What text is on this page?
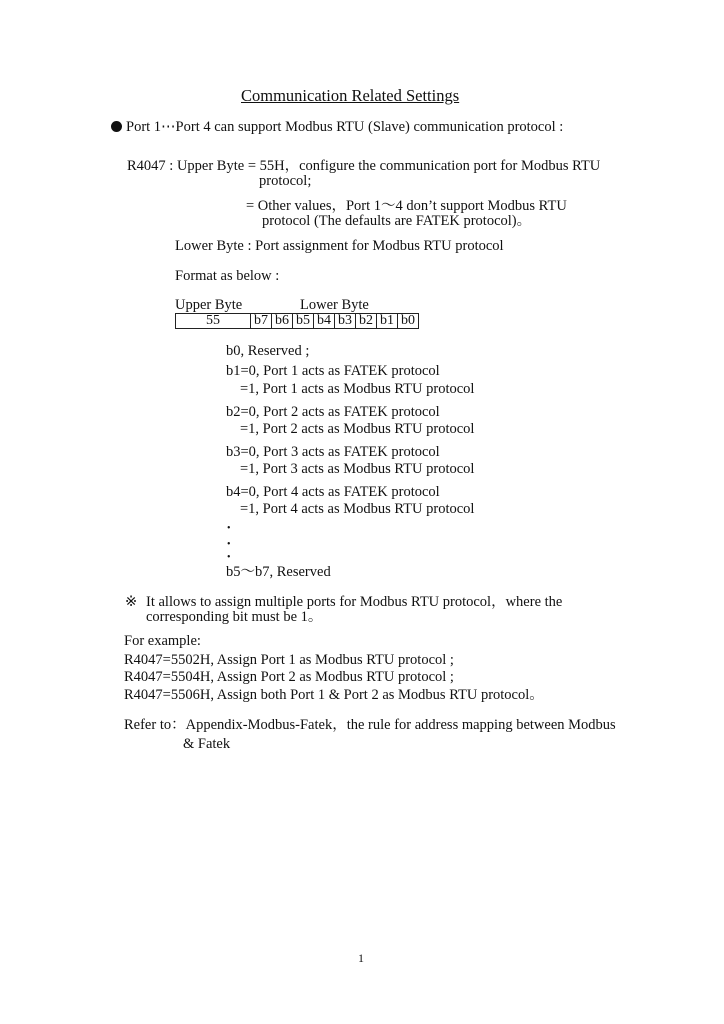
Communication Related Settings
Port 1⋯Port 4 can support Modbus RTU (Slave) communication protocol :
R4047 : Upper Byte = 55H，configure the communication port for Modbus RTU
protocol;
= Other values，Port 1～4 don’t support Modbus RTU
protocol (The defaults are FATEK protocol)。
Lower Byte : Port assignment for Modbus RTU protocol
Format as below :
Upper Byte	Lower Byte
55	b7	b6	b5	b4	b3	b2	b1	b0
b0, Reserved ;
b1=0, Port 1 acts as FATEK protocol
=1, Port 1 acts as Modbus RTU protocol
b2=0, Port 2 acts as FATEK protocol
=1, Port 2 acts as Modbus RTU protocol
b3=0, Port 3 acts as FATEK protocol
=1, Port 3 acts as Modbus RTU protocol
b4=0, Port 4 acts as FATEK protocol
=1, Port 4 acts as Modbus RTU protocol
•
•
•
b5～b7, Reserved
※ It allows to assign multiple ports for Modbus RTU protocol，where the
corresponding bit must be 1。
For example:
R4047=5502H, Assign Port 1 as Modbus RTU protocol ;
R4047=5504H, Assign Port 2 as Modbus RTU protocol ;
R4047=5506H, Assign both Port 1 & Port 2 as Modbus RTU protocol。
Refer to：Appendix-Modbus-Fatek，the rule for address mapping between Modbus
& Fatek
1
